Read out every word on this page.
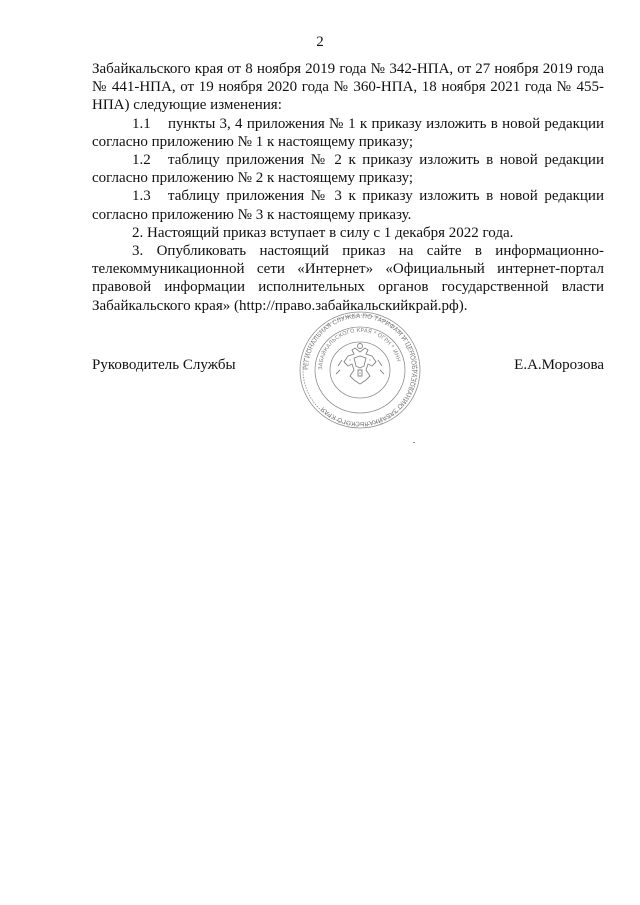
2

Забайкальского края от 8 ноября 2019 года № 342-НПА, от 27 ноября 2019 года № 441-НПА, от 19 ноября 2020 года № 360-НПА, 18 ноября 2021 года № 455-НПА) следующие изменения:

1.1 пункты 3, 4 приложения № 1 к приказу изложить в новой редакции согласно приложению № 1 к настоящему приказу;

1.2 таблицу приложения № 2 к приказу изложить в новой редакции согласно приложению № 2 к настоящему приказу;

1.3 таблицу приложения № 3 к приказу изложить в новой редакции согласно приложению № 3 к настоящему приказу.

2. Настоящий приказ вступает в силу с 1 декабря 2022 года.

3. Опубликовать настоящий приказ на сайте в информационно-телекоммуникационной сети «Интернет» «Официальный интернет-портал правовой информации исполнительных органов государственной власти Забайкальского края» (http://право.забайкальскийкрай.рф).

РЕГИОНАЛЬНАЯ СЛУЖБА ПО ТАРИФАМ И ЦЕНООБРАЗОВАНИЮ ЗАБАЙКАЛЬСКОГО КРАЯ
ЗАБАЙКАЛЬСКОГО КРАЯ * ОГРН * ИНН
Руководитель Службы	Е.А.Морозова
